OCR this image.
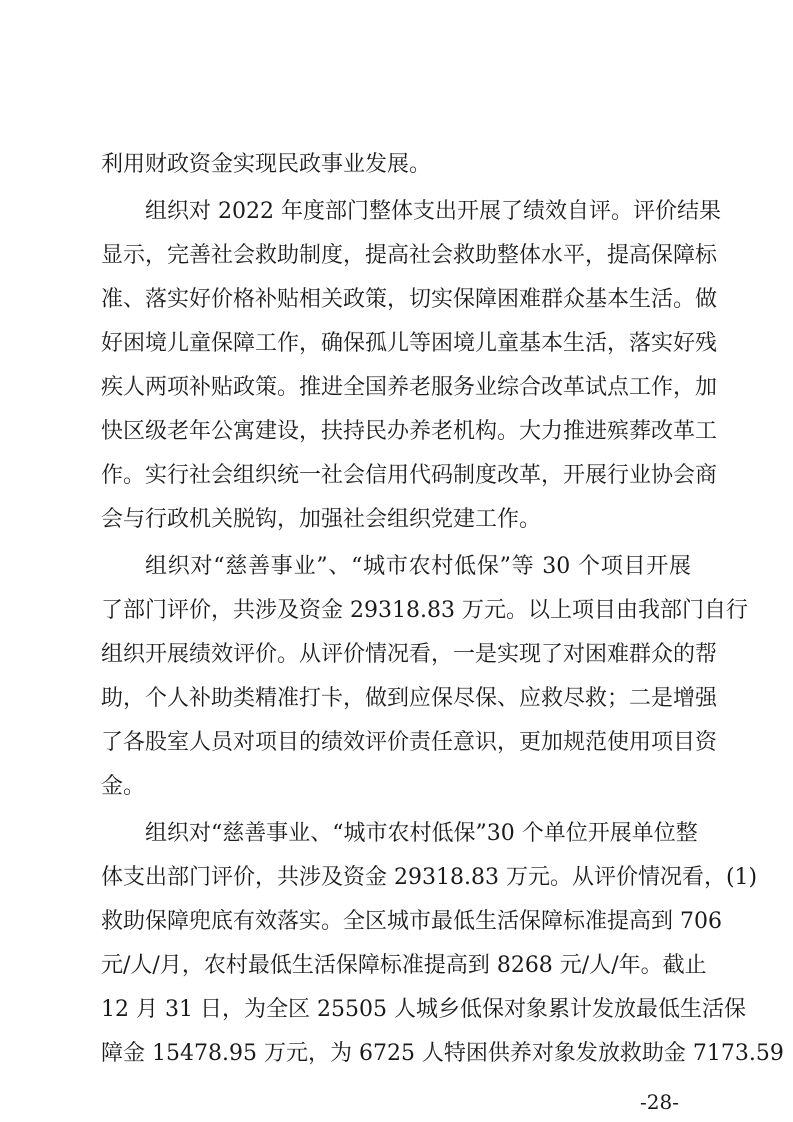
利用财政资金实现民政事业发展。
组织对 2022 年度部门整体支出开展了绩效自评。评价结果
显示，完善社会救助制度，提高社会救助整体水平，提高保障标
准、落实好价格补贴相关政策，切实保障困难群众基本生活。做
好困境儿童保障工作，确保孤儿等困境儿童基本生活，落实好残
疾人两项补贴政策。推进全国养老服务业综合改革试点工作，加
快区级老年公寓建设，扶持民办养老机构。大力推进殡葬改革工
作。实行社会组织统一社会信用代码制度改革，开展行业协会商
会与行政机关脱钩，加强社会组织党建工作。
组织对“慈善事业”、“城市农村低保”等 30 个项目开展
了部门评价，共涉及资金 29318.83 万元。以上项目由我部门自行
组织开展绩效评价。从评价情况看，一是实现了对困难群众的帮
助，个人补助类精准打卡，做到应保尽保、应救尽救；二是增强
了各股室人员对项目的绩效评价责任意识，更加规范使用项目资
金。
组织对“慈善事业、“城市农村低保”30 个单位开展单位整
体支出部门评价，共涉及资金 29318.83 万元。从评价情况看，(1)
救助保障兜底有效落实。全区城市最低生活保障标准提高到 706
元/人/月，农村最低生活保障标准提高到 8268 元/人/年。截止
12 月 31 日，为全区 25505 人城乡低保对象累计发放最低生活保
障金 15478.95 万元，为 6725 人特困供养对象发放救助金 7173.59
-28-
